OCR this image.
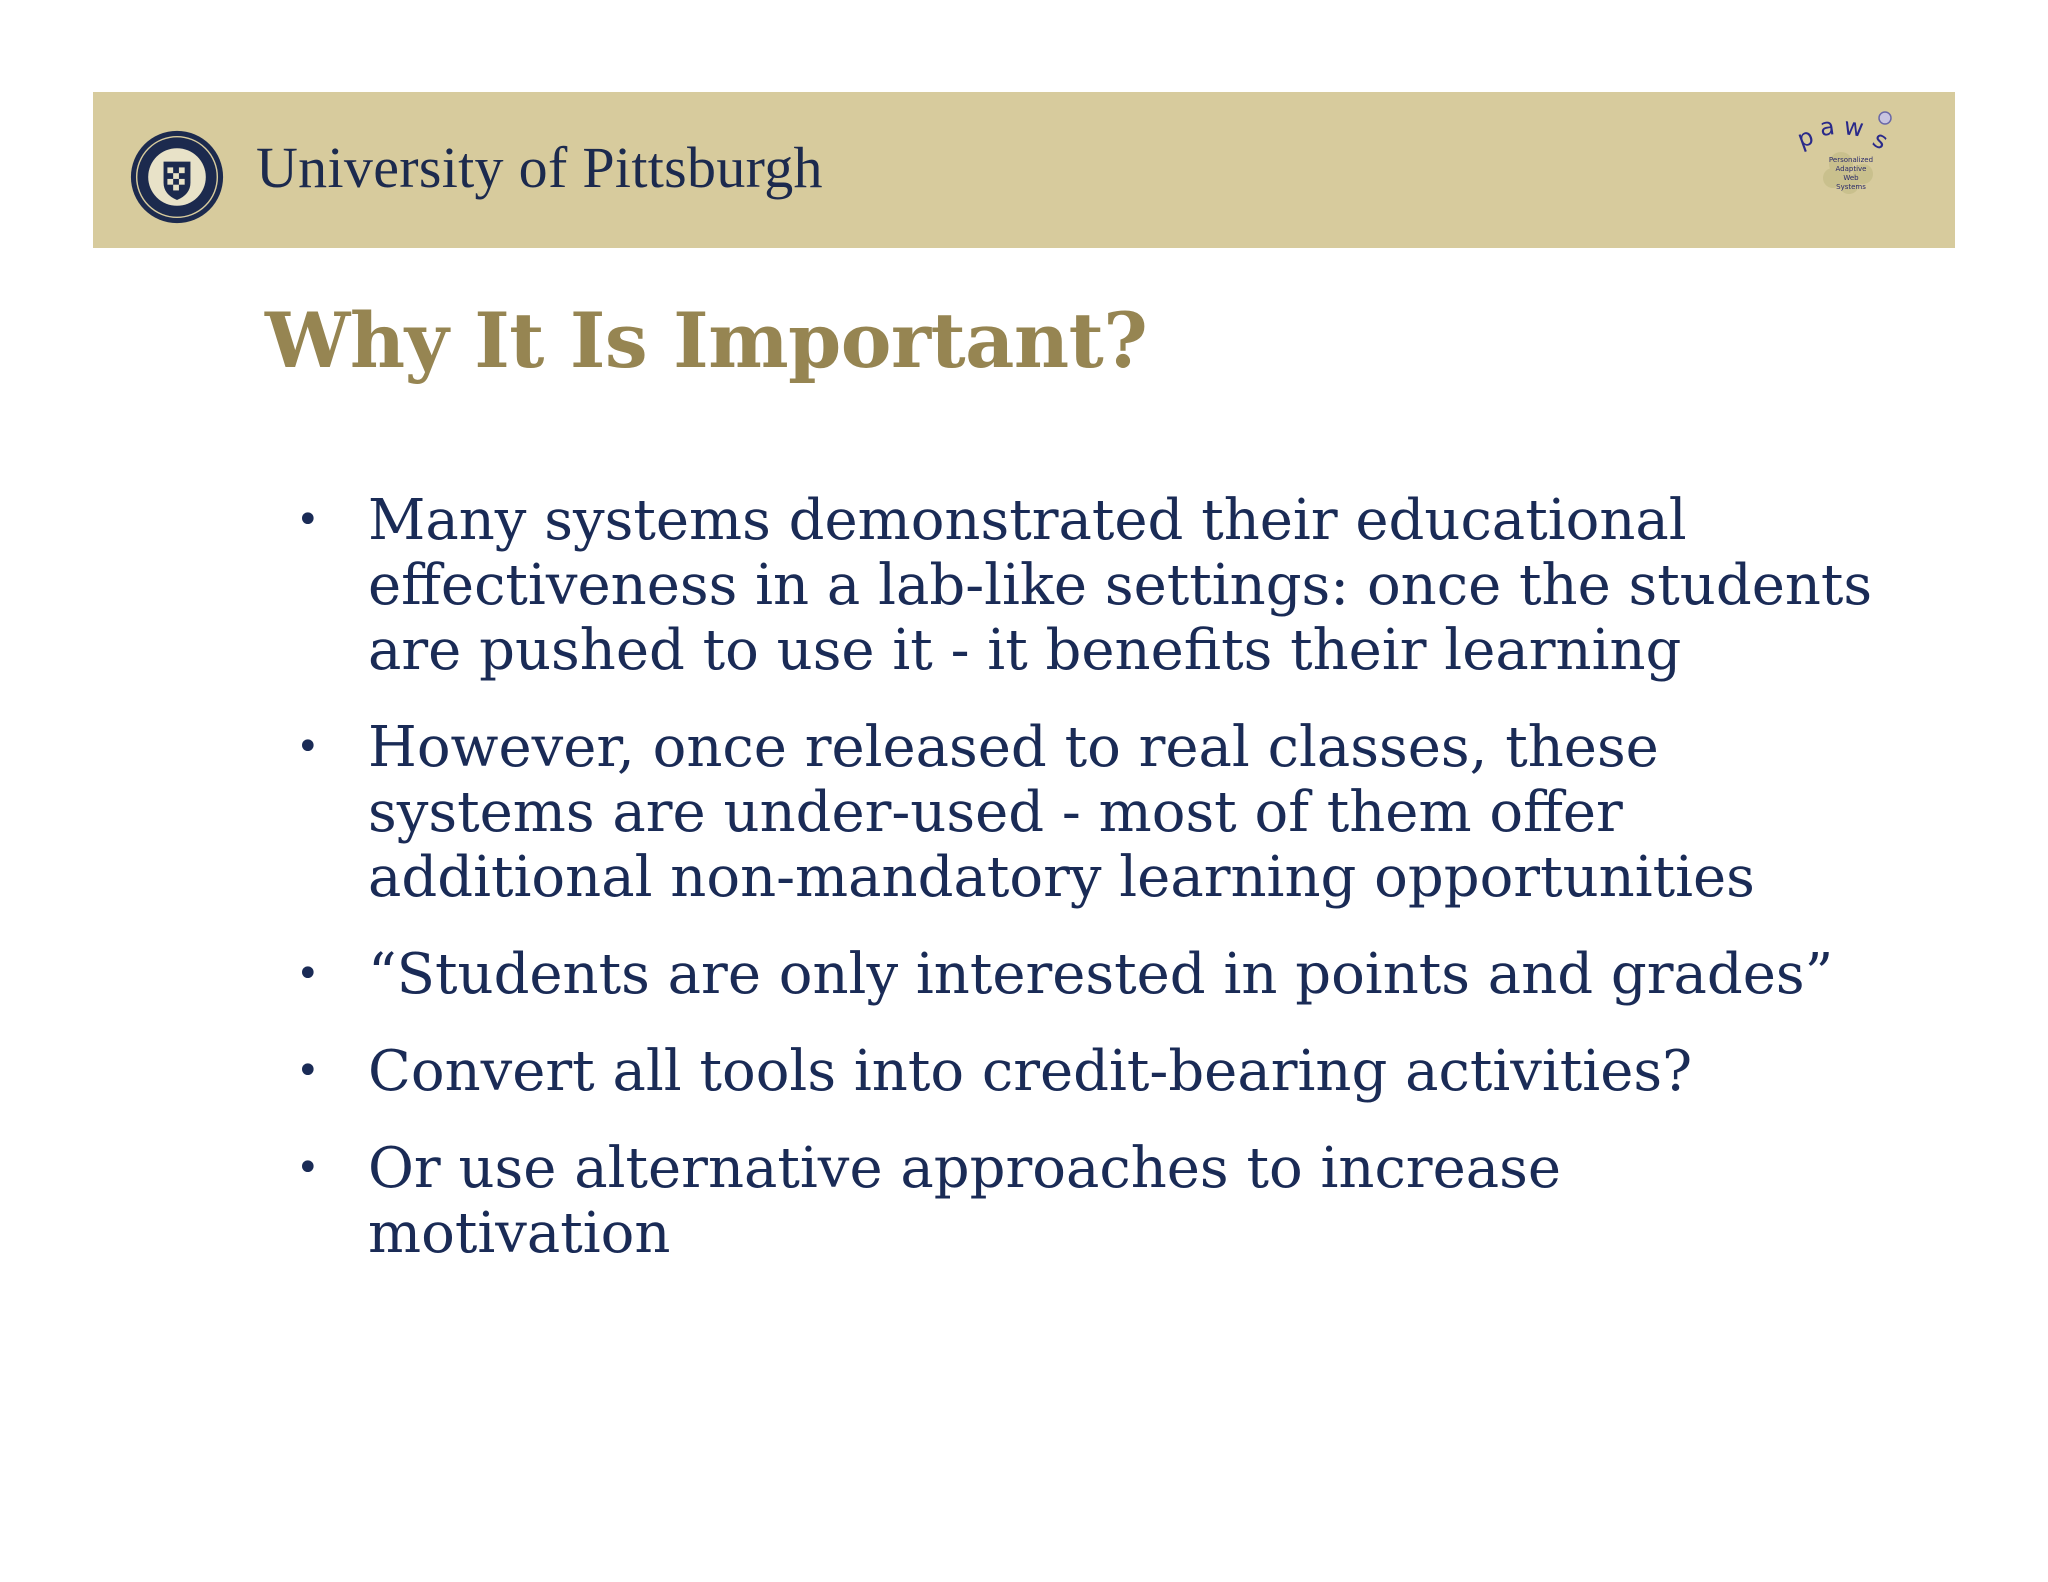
University of Pittsburgh	p a w s
Personalized
Adaptive
Web
Systems
Why It Is Important?
• Many systems demonstrated their educational effectiveness in a lab-like settings: once the students are pushed to use it - it benefits their learning
• However, once released to real classes, these systems are under-used - most of them offer additional non-mandatory learning opportunities
• “Students are only interested in points and grades”
• Convert all tools into credit-bearing activities?
• Or use alternative approaches to increase motivation
